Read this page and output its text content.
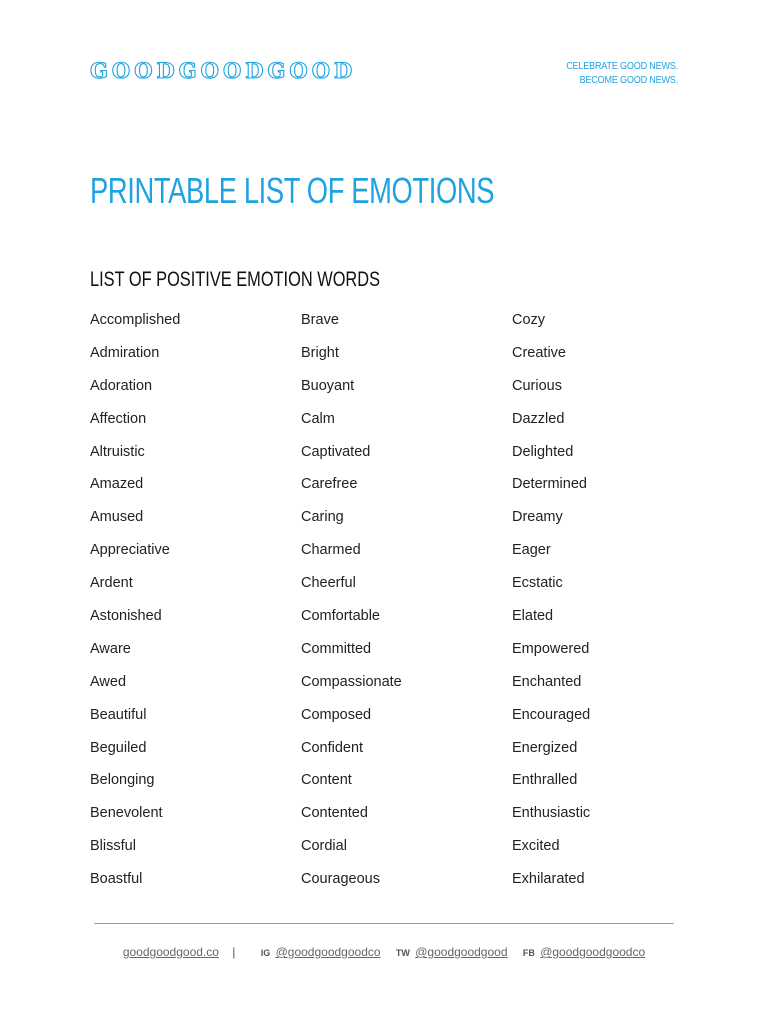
GOODGOODGOOD	CELEBRATE GOOD NEWS.
BECOME GOOD NEWS.
PRINTABLE LIST OF EMOTIONS
LIST OF POSITIVE EMOTION WORDS
Accomplished
Admiration
Adoration
Affection
Altruistic
Amazed
Amused
Appreciative
Ardent
Astonished
Aware
Awed
Beautiful
Beguiled
Belonging
Benevolent
Blissful
Boastful
Brave
Bright
Buoyant
Calm
Captivated
Carefree
Caring
Charmed
Cheerful
Comfortable
Committed
Compassionate
Composed
Confident
Content
Contented
Cordial
Courageous
Cozy
Creative
Curious
Dazzled
Delighted
Determined
Dreamy
Eager
Ecstatic
Elated
Empowered
Enchanted
Encouraged
Energized
Enthralled
Enthusiastic
Excited
Exhilarated
goodgoodgood.co |	IG @goodgoodgoodco TW @goodgoodgood FB @goodgoodgoodco
